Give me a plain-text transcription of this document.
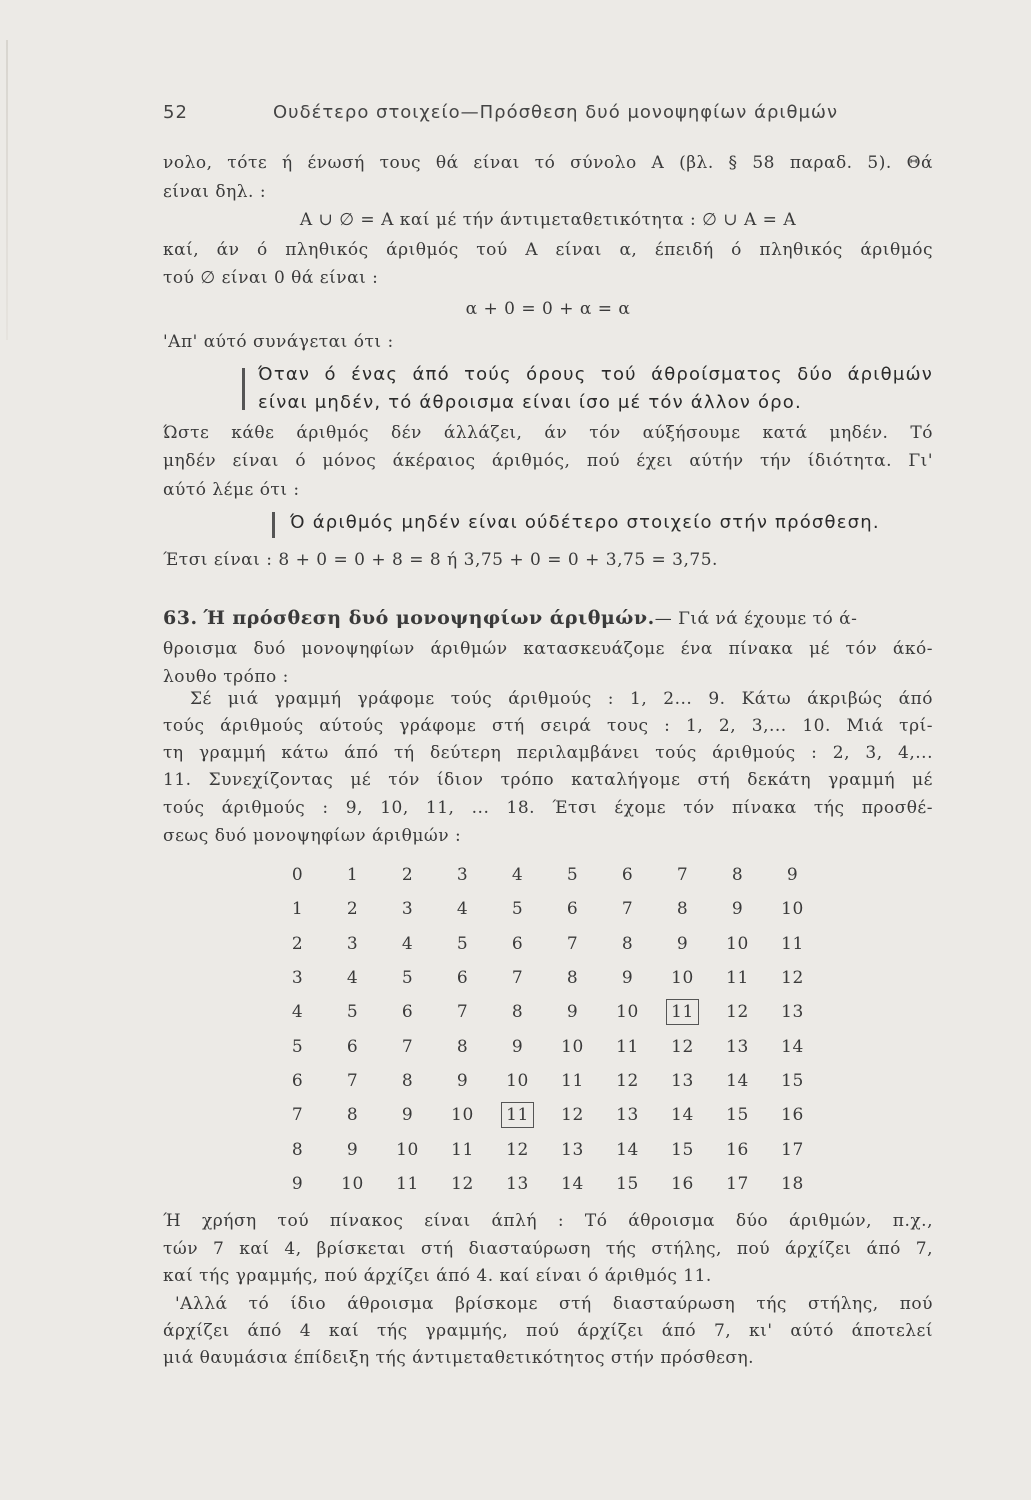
52	Ουδέτερο στοιχείο—Πρόσθεση δυό μονοψηφίων άριθμών
νολο, τότε ή ένωσή τους θά είναι τό σύνολο Α (βλ. § 58 παραδ. 5). Θά
είναι δηλ. :
Α ∪ ∅ = Α καί μέ τήν άντιμεταθετικότητα : ∅ ∪ Α = Α
καί, άν ό πληθικός άριθμός τού Α είναι α, έπειδή ό πληθικός άριθμός
τού ∅ είναι 0 θά είναι :
α + 0 = 0 + α = α
'Απ' αύτό συνάγεται ότι :
Όταν ό ένας άπό τούς όρους τού άθροίσματος δύο άριθμών
είναι μηδέν, τό άθροισμα είναι ίσο μέ τόν άλλον όρο.
Ώστε κάθε άριθμός δέν άλλάζει, άν τόν αύξήσουμε κατά μηδέν. Τό
μηδέν είναι ό μόνος άκέραιος άριθμός, πού έχει αύτήν τήν ίδιότητα. Γι'
αύτό λέμε ότι :
Ό άριθμός μηδέν είναι ούδέτερο στοιχείο στήν πρόσθεση.
Έτσι είναι : 8 + 0 = 0 + 8 = 8 ή 3,75 + 0 = 0 + 3,75 = 3,75.
63. Ή πρόσθεση δυό μονοψηφίων άριθμών.— Γιά νά έχουμε τό ά-
θροισμα δυό μονοψηφίων άριθμών κατασκευάζομε ένα πίνακα μέ τόν άκό-
λουθο τρόπο :
Σέ μιά γραμμή γράφομε τούς άριθμούς : 1, 2... 9. Κάτω άκριβώς άπό
τούς άριθμούς αύτούς γράφομε στή σειρά τους : 1, 2, 3,... 10. Μιά τρί-
τη γραμμή κάτω άπό τή δεύτερη περιλαμβάνει τούς άριθμούς : 2, 3, 4,...
11. Συνεχίζοντας μέ τόν ίδιον τρόπο καταλήγομε στή δεκάτη γραμμή μέ
τούς άριθμούς : 9, 10, 11, ... 18. Έτσι έχομε τόν πίνακα τής προσθέ-
σεως δυό μονοψηφίων άριθμών :
0	1	2	3	4	5	6	7	8	9
1	2	3	4	5	6	7	8	9	10
2	3	4	5	6	7	8	9	10	11
3	4	5	6	7	8	9	10	11	12
4	5	6	7	8	9	10	11	12	13
5	6	7	8	9	10	11	12	13	14
6	7	8	9	10	11	12	13	14	15
7	8	9	10	11	12	13	14	15	16
8	9	10	11	12	13	14	15	16	17
9	10	11	12	13	14	15	16	17	18
Ή χρήση τού πίνακος είναι άπλή : Τό άθροισμα δύο άριθμών, π.χ.,
τών 7 καί 4, βρίσκεται στή διασταύρωση τής στήλης, πού άρχίζει άπό 7,
καί τής γραμμής, πού άρχίζει άπό 4. καί είναι ό άριθμός 11.
'Αλλά τό ίδιο άθροισμα βρίσκομε στή διασταύρωση τής στήλης, πού
άρχίζει άπό 4 καί τής γραμμής, πού άρχίζει άπό 7, κι' αύτό άποτελεί
μιά θαυμάσια έπίδειξη τής άντιμεταθετικότητος στήν πρόσθεση.
